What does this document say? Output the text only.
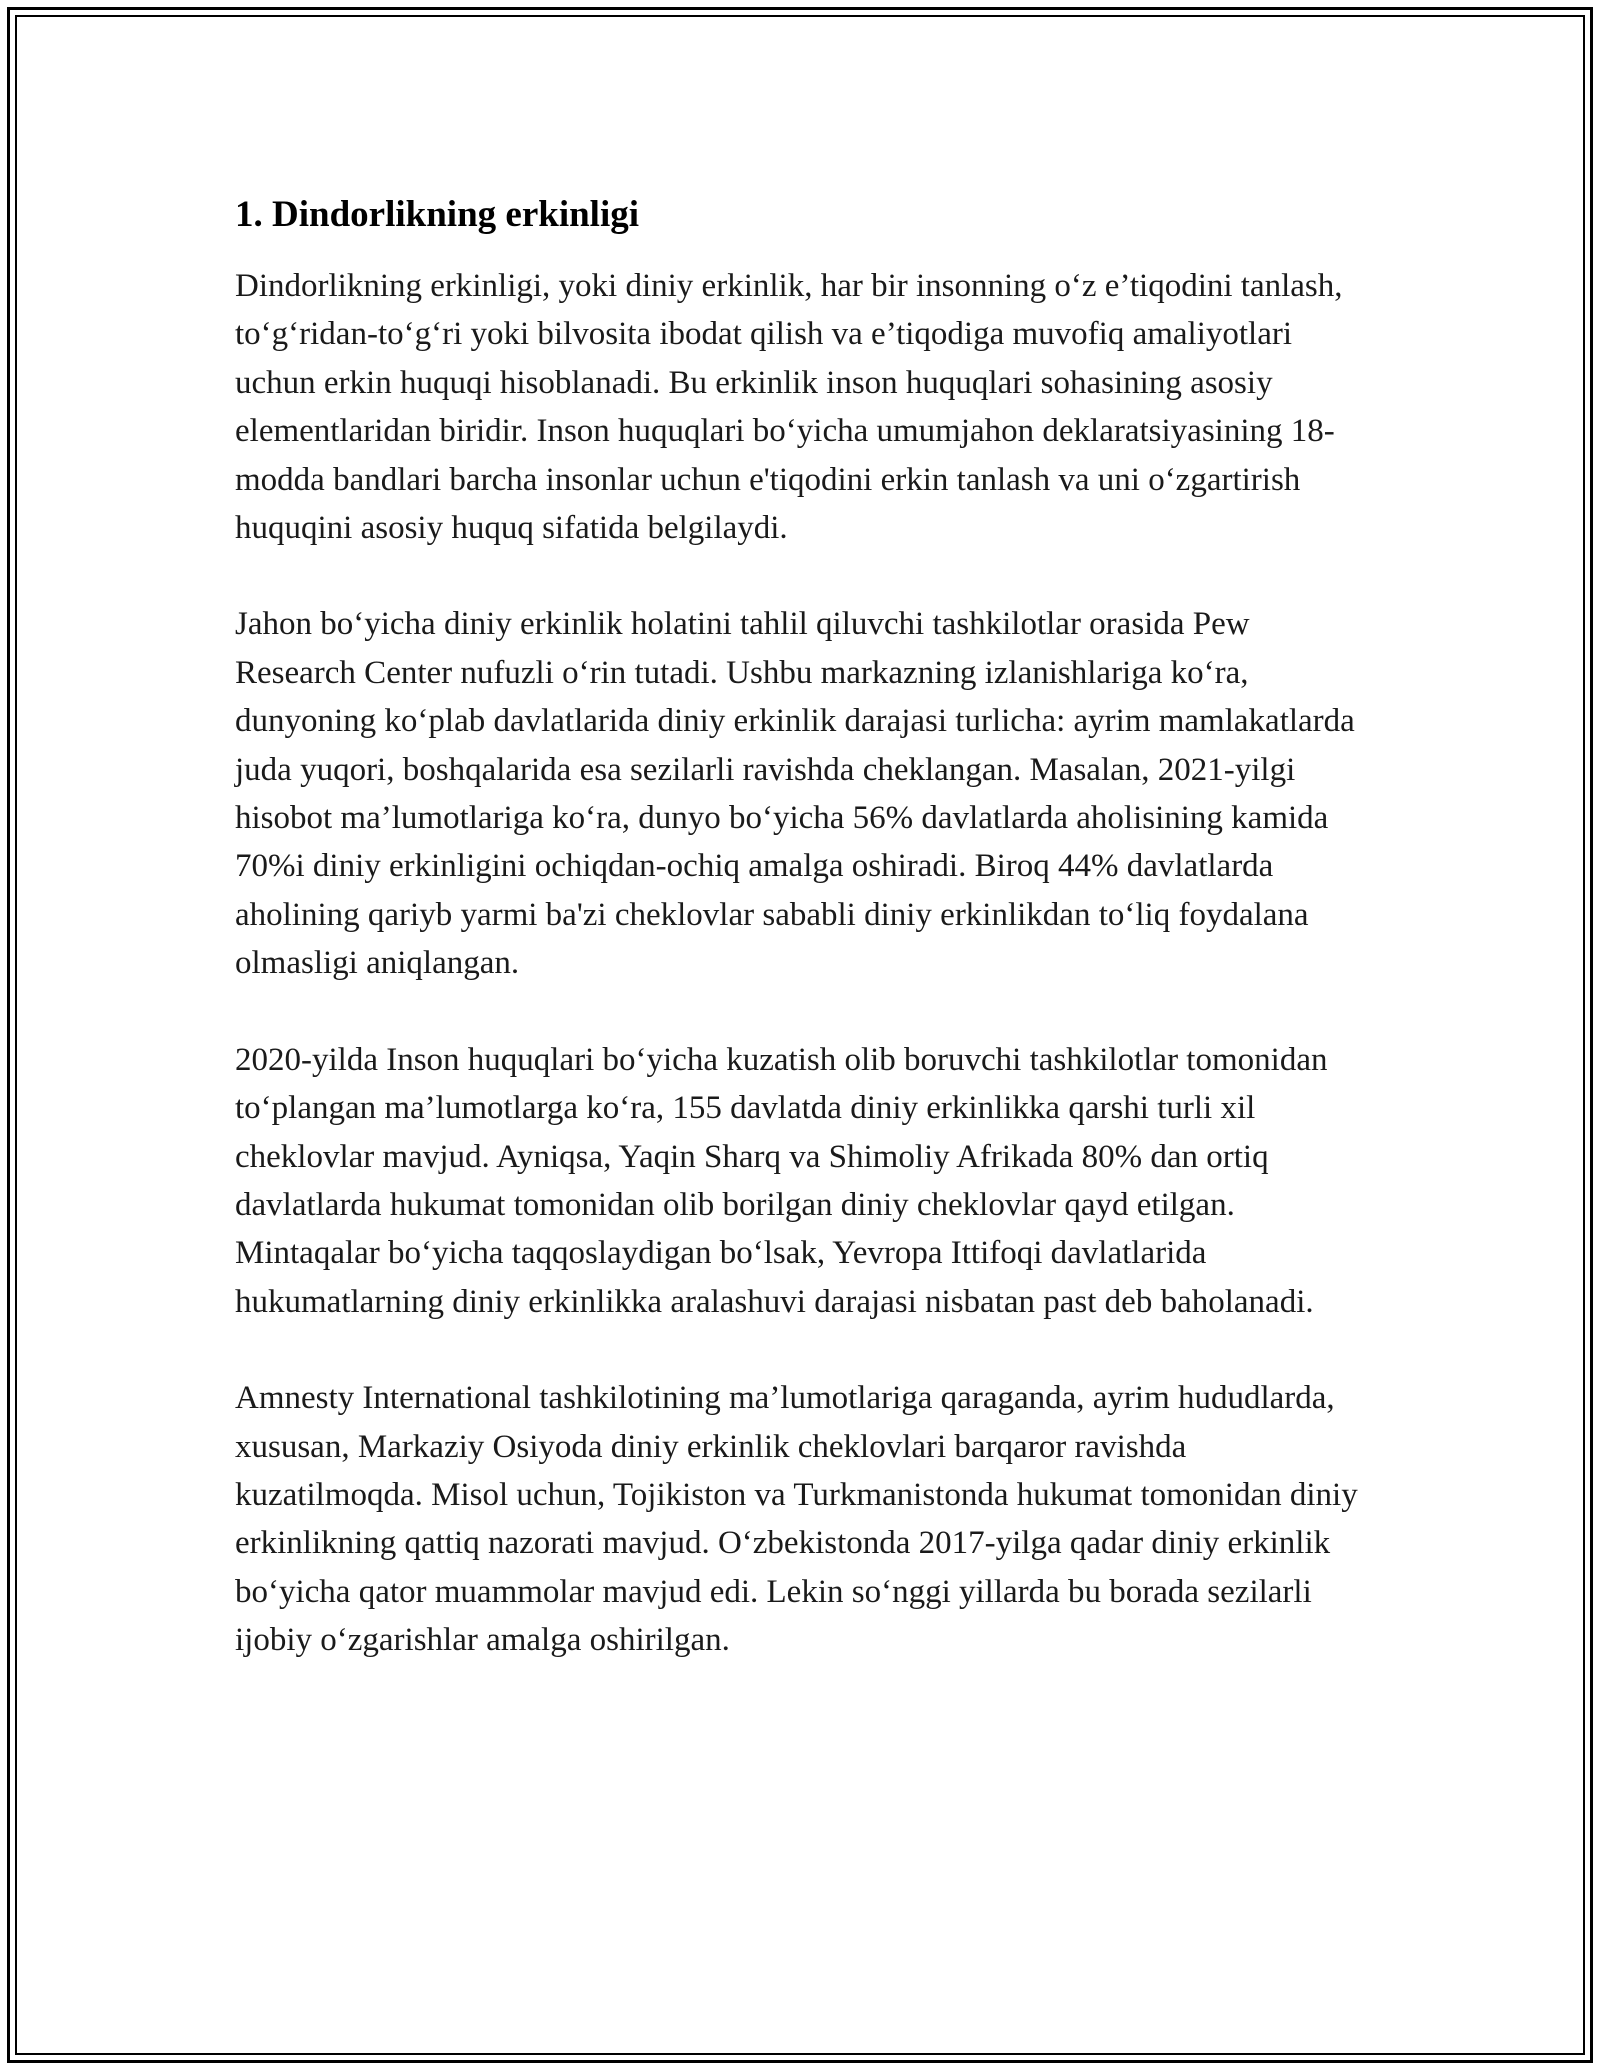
1. Dindorlikning erkinligi

Dindorlikning erkinligi, yoki diniy erkinlik, har bir insonning o‘z e’tiqodini tanlash, to‘g‘ridan-to‘g‘ri yoki bilvosita ibodat qilish va e’tiqodiga muvofiq amaliyotlari uchun erkin huquqi hisoblanadi. Bu erkinlik inson huquqlari sohasining asosiy elementlaridan biridir. Inson huquqlari bo‘yicha umumjahon deklaratsiyasining 18-modda bandlari barcha insonlar uchun e'tiqodini erkin tanlash va uni o‘zgartirish huquqini asosiy huquq sifatida belgilaydi.

Jahon bo‘yicha diniy erkinlik holatini tahlil qiluvchi tashkilotlar orasida Pew Research Center nufuzli o‘rin tutadi. Ushbu markazning izlanishlariga ko‘ra, dunyoning ko‘plab davlatlarida diniy erkinlik darajasi turlicha: ayrim mamlakatlarda juda yuqori, boshqalarida esa sezilarli ravishda cheklangan. Masalan, 2021-yilgi hisobot ma’lumotlariga ko‘ra, dunyo bo‘yicha 56% davlatlarda aholisining kamida 70%i diniy erkinligini ochiqdan-ochiq amalga oshiradi. Biroq 44% davlatlarda aholining qariyb yarmi ba'zi cheklovlar sababli diniy erkinlikdan to‘liq foydalana olmasligi aniqlangan.

2020-yilda Inson huquqlari bo‘yicha kuzatish olib boruvchi tashkilotlar tomonidan to‘plangan ma’lumotlarga ko‘ra, 155 davlatda diniy erkinlikka qarshi turli xil cheklovlar mavjud. Ayniqsa, Yaqin Sharq va Shimoliy Afrikada 80% dan ortiq davlatlarda hukumat tomonidan olib borilgan diniy cheklovlar qayd etilgan. Mintaqalar bo‘yicha taqqoslaydigan bo‘lsak, Yevropa Ittifoqi davlatlarida hukumatlarning diniy erkinlikka aralashuvi darajasi nisbatan past deb baholanadi.

Amnesty International tashkilotining ma’lumotlariga qaraganda, ayrim hududlarda, xususan, Markaziy Osiyoda diniy erkinlik cheklovlari barqaror ravishda kuzatilmoqda. Misol uchun, Tojikiston va Turkmanistonda hukumat tomonidan diniy erkinlikning qattiq nazorati mavjud. O‘zbekistonda 2017-yilga qadar diniy erkinlik bo‘yicha qator muammolar mavjud edi. Lekin so‘nggi yillarda bu borada sezilarli ijobiy o‘zgarishlar amalga oshirilgan.
